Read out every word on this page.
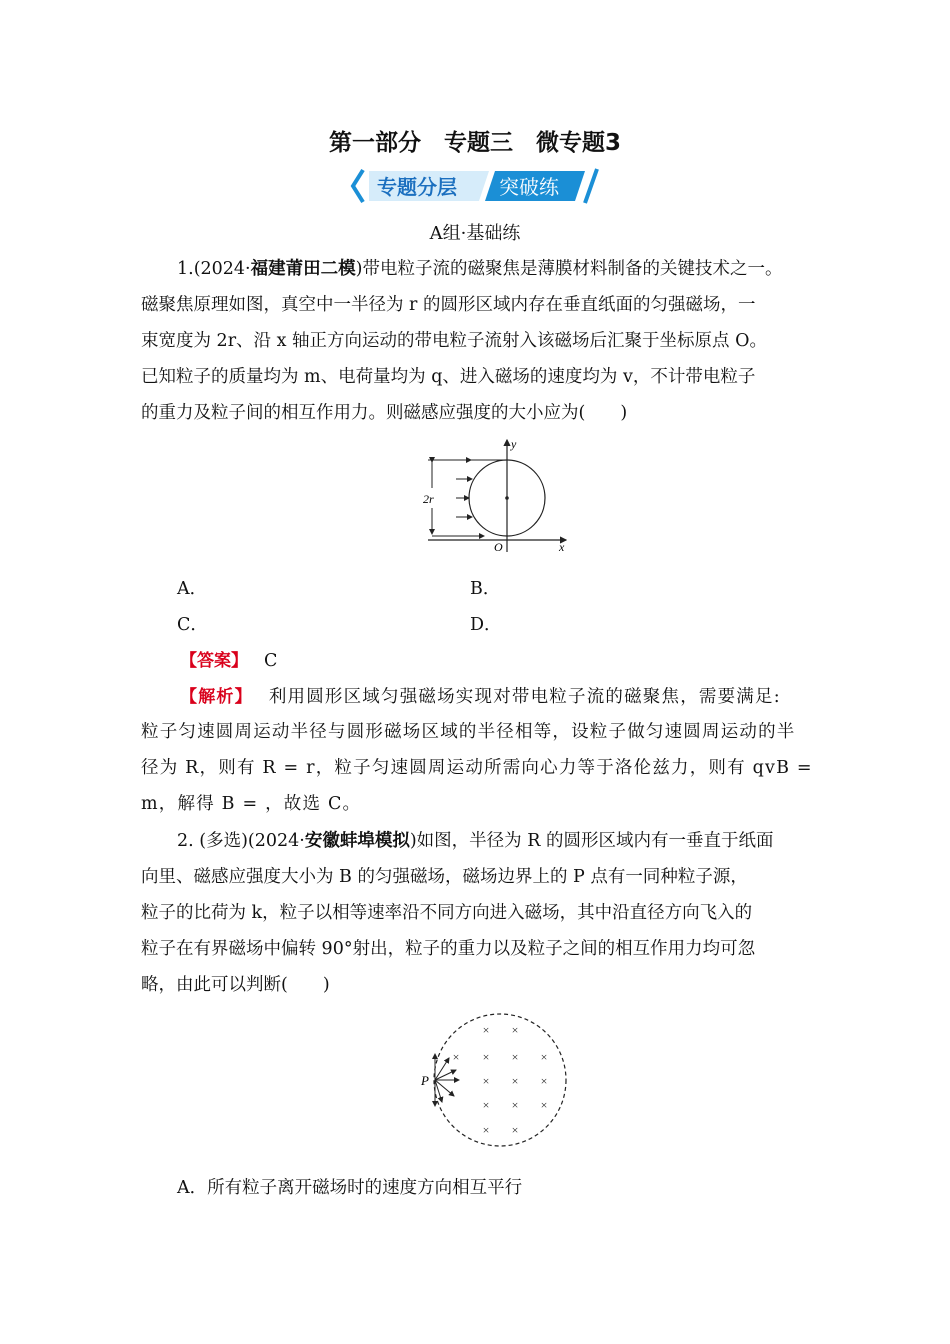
第一部分　专题三　微专题3
专题分层 突破练
A组·基础练
1.(2024·福建莆田二模)带电粒子流的磁聚焦是薄膜材料制备的关键技术之一。
磁聚焦原理如图，真空中一半径为 r 的圆形区域内存在垂直纸面的匀强磁场，一
束宽度为 2r、沿 x 轴正方向运动的带电粒子流射入该磁场后汇聚于坐标原点 O。
已知粒子的质量均为 m、电荷量均为 q、进入磁场的速度均为 v，不计带电粒子
的重力及粒子间的相互作用力。则磁感应强度的大小应为(　　)
2r
y
x
O
A．	B．
C．	D．
【答案】 C
【解析】 利用圆形区域匀强磁场实现对带电粒子流的磁聚焦，需要满足:
粒子匀速圆周运动半径与圆形磁场区域的半径相等，设粒子做匀速圆周运动的半
径为 R，则有 R = r，粒子匀速圆周运动所需向心力等于洛伦兹力，则有 qvB =
m，解得 B = ，故选 C。
2. (多选)(2024·安徽蚌埠模拟)如图，半径为 R 的圆形区域内有一垂直于纸面
向里、磁感应强度大小为 B 的匀强磁场，磁场边界上的 P 点有一同种粒子源，
粒子的比荷为 k，粒子以相等速率沿不同方向进入磁场，其中沿直径方向飞入的
粒子在有界磁场中偏转 90°射出，粒子的重力以及粒子之间的相互作用力均可忽
略，由此可以判断(　　)
× ×
× × × ×
× × ×
× × ×
× ×
P
A．所有粒子离开磁场时的速度方向相互平行
